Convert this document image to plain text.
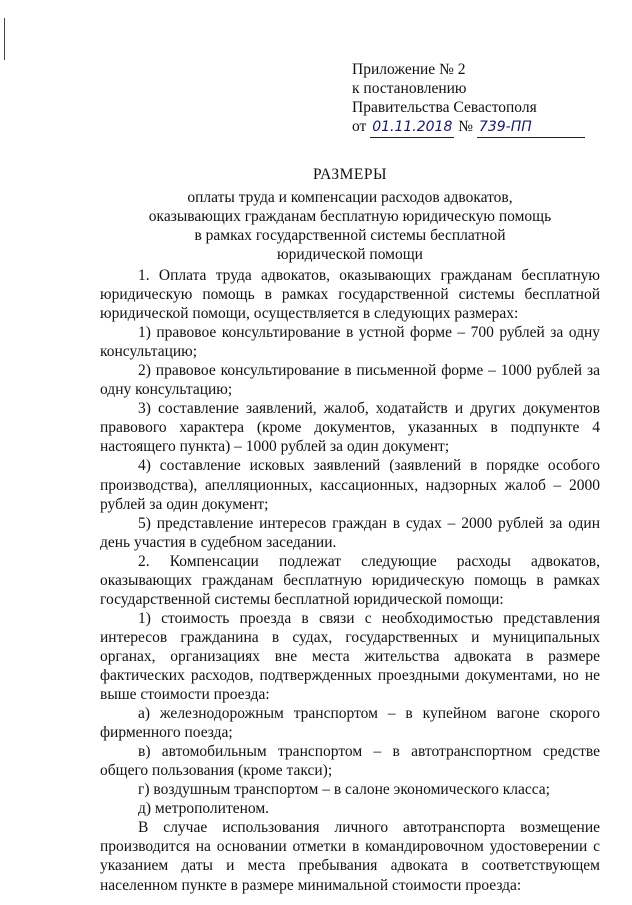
Приложение № 2
к постановлению
Правительства Севастополя
от 01.11.2018 № 739-ПП
РАЗМЕРЫ
оплаты труда и компенсации расходов адвокатов,
оказывающих гражданам бесплатную юридическую помощь
в рамках государственной системы бесплатной
юридической помощи

1. Оплата труда адвокатов, оказывающих гражданам бесплатную юридическую помощь в рамках государственной системы бесплатной юридической помощи, осуществляется в следующих размерах:

1) правовое консультирование в устной форме – 700 рублей за одну консультацию;

2) правовое консультирование в письменной форме – 1000 рублей за одну консультацию;

3) составление заявлений, жалоб, ходатайств и других документов правового характера (кроме документов, указанных в подпункте 4 настоящего пункта) – 1000 рублей за один документ;

4) составление исковых заявлений (заявлений в порядке особого производства), апелляционных, кассационных, надзорных жалоб – 2000 рублей за один документ;

5) представление интересов граждан в судах – 2000 рублей за один день участия в судебном заседании.

2. Компенсации подлежат следующие расходы адвокатов, оказывающих гражданам бесплатную юридическую помощь в рамках государственной системы бесплатной юридической помощи:

1) стоимость проезда в связи с необходимостью представления интересов гражданина в судах, государственных и муниципальных органах, организациях вне места жительства адвоката в размере фактических расходов, подтвержденных проездными документами, но не выше стоимости проезда:

а) железнодорожным транспортом – в купейном вагоне скорого фирменного поезда;

в) автомобильным транспортом – в автотранспортном средстве общего пользования (кроме такси);

г) воздушным транспортом – в салоне экономического класса;

д) метрополитеном.

В случае использования личного автотранспорта возмещение производится на основании отметки в командировочном удостоверении с указанием даты и места пребывания адвоката в соответствующем населенном пункте в размере минимальной стоимости проезда:
